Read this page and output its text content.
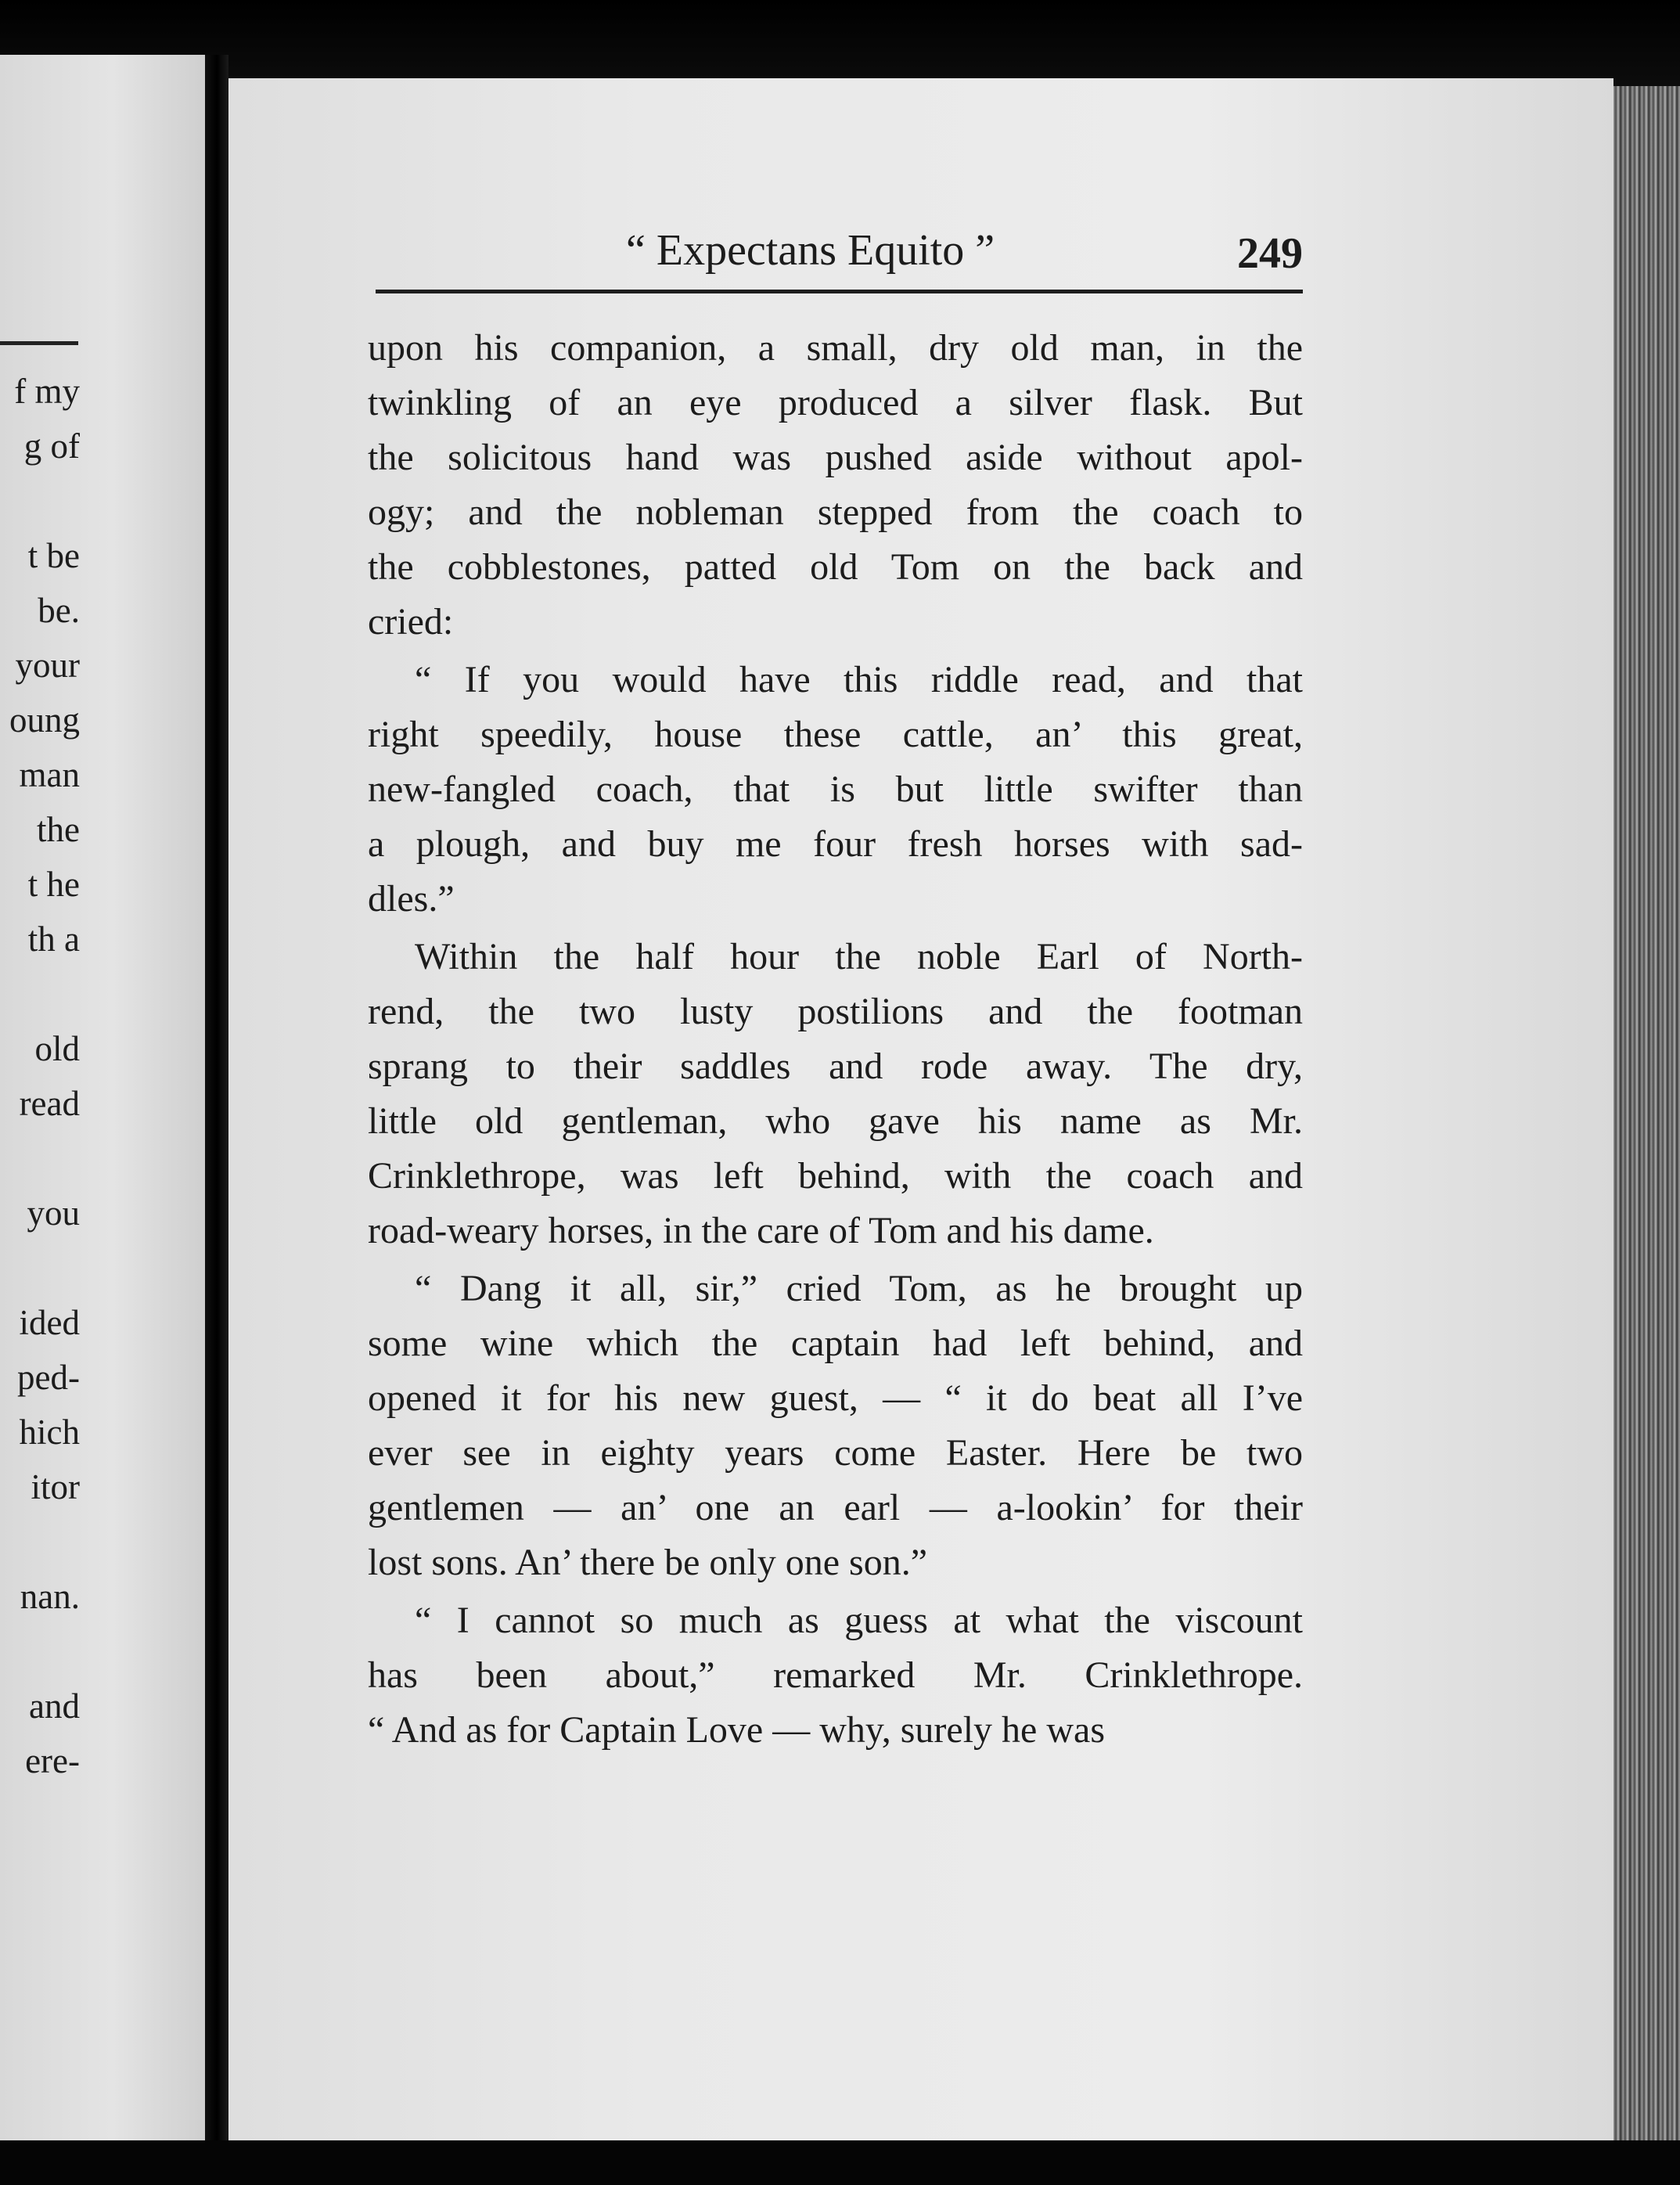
f my
g of
t be
be.
your
oung
man
the
t he
th a
old
read
you
ided
ped-
hich
itor
nan.
and
ere-
“ Expectans Equito ”	249
upon his companion, a small, dry old man, in the
twinkling of an eye produced a silver flask. But
the solicitous hand was pushed aside without apol-
ogy; and the nobleman stepped from the coach to
the cobblestones, patted old Tom on the back and
cried:
“ If you would have this riddle read, and that
right speedily, house these cattle, an’ this great,
new-fangled coach, that is but little swifter than
a plough, and buy me four fresh horses with sad-
dles.”
Within the half hour the noble Earl of North-
rend, the two lusty postilions and the footman
sprang to their saddles and rode away. The dry,
little old gentleman, who gave his name as Mr.
Crinklethrope, was left behind, with the coach and
road-weary horses, in the care of Tom and his dame.
“ Dang it all, sir,” cried Tom, as he brought up
some wine which the captain had left behind, and
opened it for his new guest, — “ it do beat all I’ve
ever see in eighty years come Easter. Here be two
gentlemen — an’ one an earl — a-lookin’ for their
lost sons. An’ there be only one son.”
“ I cannot so much as guess at what the viscount
has been about,” remarked Mr. Crinklethrope.
“ And as for Captain Love — why, surely he was
